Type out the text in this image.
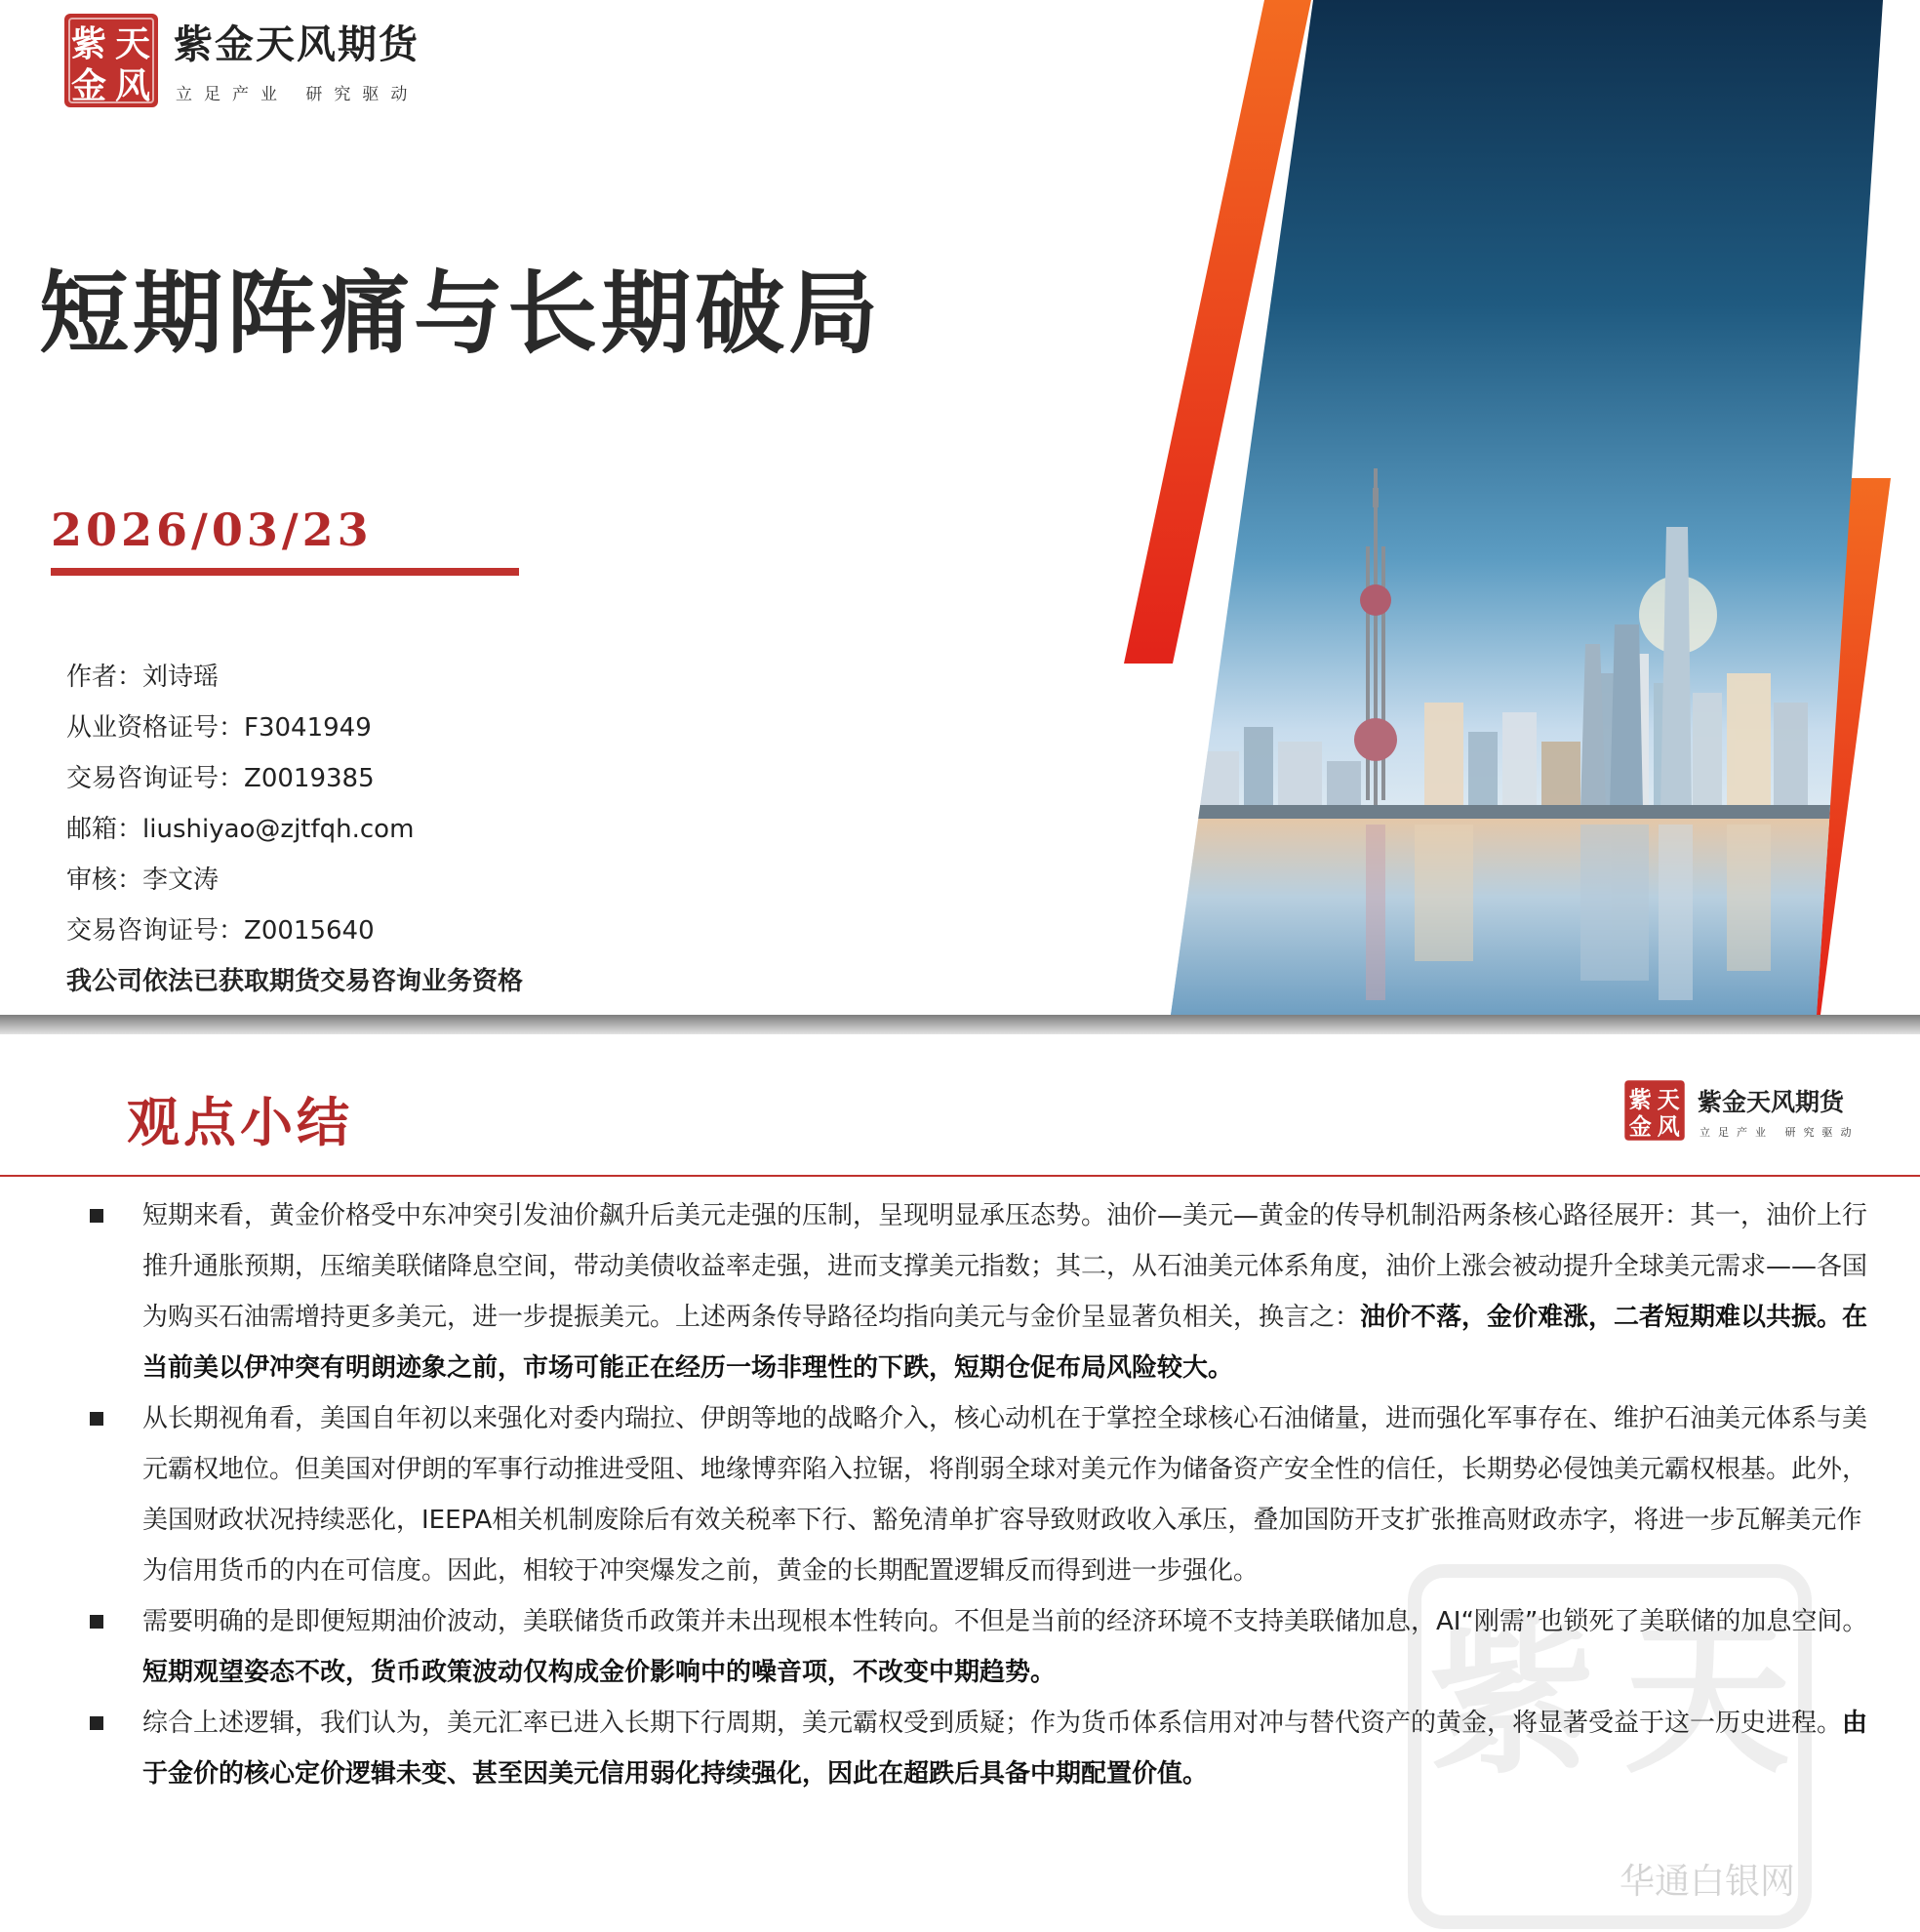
紫 天
金 风
紫金天风期货
立足产业 研究驱动
短期阵痛与长期破局
2026/03/23
作者：刘诗瑶
从业资格证号：F3041949
交易咨询证号：Z0019385
邮箱：liushiyao@zjtfqh.com
审核：李文涛
交易咨询证号：Z0015640
我公司依法已获取期货交易咨询业务资格
观点小结	紫 天
金 风
紫金天风期货
立足产业 研究驱动
紫 天
短期来看，黄金价格受中东冲突引发油价飙升后美元走强的压制，呈现明显承压态势。油价—美元—黄金的传导机制沿两条核心路径展开：其一，油价上行推升通胀预期，压缩美联储降息空间，带动美债收益率走强，进而支撑美元指数；其二，从石油美元体系角度，油价上涨会被动提升全球美元需求——各国为购买石油需增持更多美元，进一步提振美元。上述两条传导路径均指向美元与金价呈显著负相关，换言之：油价不落，金价难涨，二者短期难以共振。在当前美以伊冲突有明朗迹象之前，市场可能正在经历一场非理性的下跌，短期仓促布局风险较大。
从长期视角看，美国自年初以来强化对委内瑞拉、伊朗等地的战略介入，核心动机在于掌控全球核心石油储量，进而强化军事存在、维护石油美元体系与美元霸权地位。但美国对伊朗的军事行动推进受阻、地缘博弈陷入拉锯，将削弱全球对美元作为储备资产安全性的信任，长期势必侵蚀美元霸权根基。此外，美国财政状况持续恶化，IEEPA相关机制废除后有效关税率下行、豁免清单扩容导致财政收入承压，叠加国防开支扩张推高财政赤字，将进一步瓦解美元作为信用货币的内在可信度。因此，相较于冲突爆发之前，黄金的长期配置逻辑反而得到进一步强化。
需要明确的是即便短期油价波动，美联储货币政策并未出现根本性转向。不但是当前的经济环境不支持美联储加息，AI“刚需”也锁死了美联储的加息空间。短期观望姿态不改，货币政策波动仅构成金价影响中的噪音项，不改变中期趋势。
综合上述逻辑，我们认为，美元汇率已进入长期下行周期，美元霸权受到质疑；作为货币体系信用对冲与替代资产的黄金，将显著受益于这一历史进程。由于金价的核心定价逻辑未变、甚至因美元信用弱化持续强化，因此在超跌后具备中期配置价值。
华通白银网
